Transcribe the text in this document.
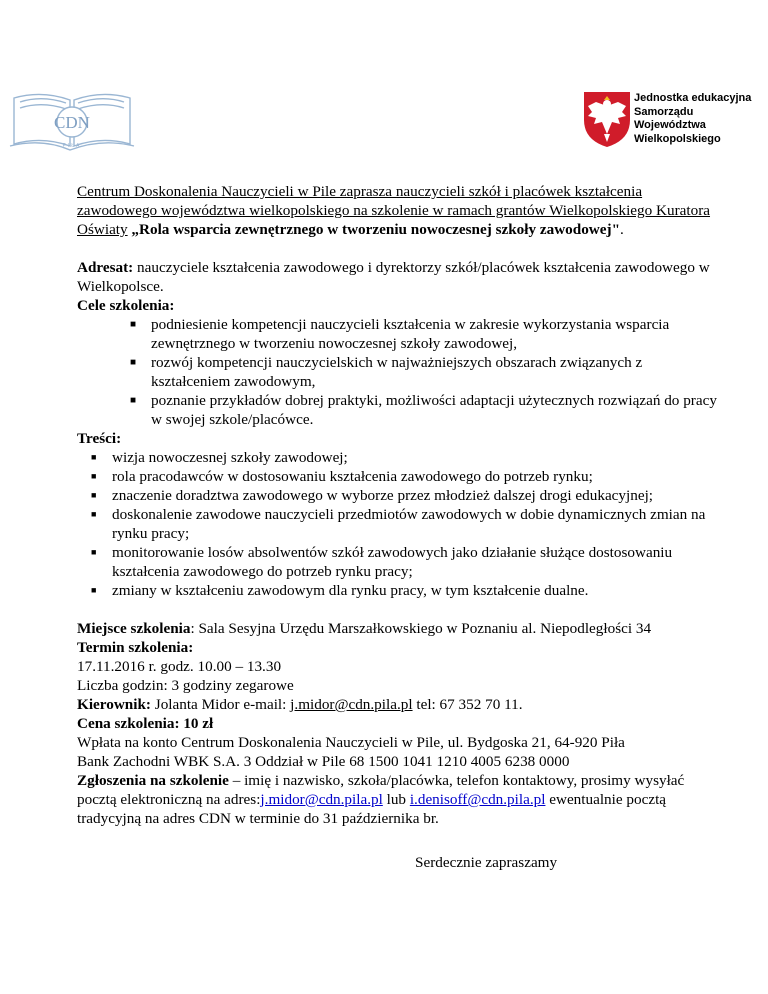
CDN
PIŁA
Jednostka edukacyjna
Samorządu
Województwa
Wielkopolskiego

Centrum Doskonalenia Nauczycieli w Pile zaprasza nauczycieli szkół i placówek kształcenia zawodowego województwa wielkopolskiego na szkolenie w ramach grantów Wielkopolskiego Kuratora Oświaty „Rola wsparcia zewnętrznego w tworzeniu nowoczesnej szkoły zawodowej".

Adresat: nauczyciele kształcenia zawodowego i dyrektorzy szkół/placówek kształcenia zawodowego w Wielkopolsce.

Cele szkolenia:

■ podniesienie kompetencji nauczycieli kształcenia w zakresie wykorzystania wsparcia zewnętrznego w tworzeniu nowoczesnej szkoły zawodowej,
■ rozwój kompetencji nauczycielskich w najważniejszych obszarach związanych z kształceniem zawodowym,
■ poznanie przykładów dobrej praktyki, możliwości adaptacji użytecznych rozwiązań do pracy w swojej szkole/placówce.

Treści:

■ wizja nowoczesnej szkoły zawodowej;
■ rola pracodawców w dostosowaniu kształcenia zawodowego do potrzeb rynku;
■ znaczenie doradztwa zawodowego w wyborze przez młodzież dalszej drogi edukacyjnej;
■ doskonalenie zawodowe nauczycieli przedmiotów zawodowych w dobie dynamicznych zmian na rynku pracy;
■ monitorowanie losów absolwentów szkół zawodowych jako działanie służące dostosowaniu kształcenia zawodowego do potrzeb rynku pracy;
■ zmiany w kształceniu zawodowym dla rynku pracy, w tym kształcenie dualne.

Miejsce szkolenia: Sala Sesyjna Urzędu Marszałkowskiego w Poznaniu al. Niepodległości 34

Termin szkolenia:

17.11.2016 r. godz. 10.00 – 13.30

Liczba godzin: 3 godziny zegarowe

Kierownik: Jolanta Midor e-mail: j.midor@cdn.pila.pl tel: 67 352 70 11.

Cena szkolenia: 10 zł

Wpłata na konto Centrum Doskonalenia Nauczycieli w Pile, ul. Bydgoska 21, 64-920 Piła

Bank Zachodni WBK S.A. 3 Oddział w Pile 68 1500 1041 1210 4005 6238 0000

Zgłoszenia na szkolenie – imię i nazwisko, szkoła/placówka, telefon kontaktowy, prosimy wysyłać pocztą elektroniczną na adres:j.midor@cdn.pila.pl lub i.denisoff@cdn.pila.pl ewentualnie pocztą tradycyjną na adres CDN w terminie do 31 października br.

Serdecznie zapraszamy
